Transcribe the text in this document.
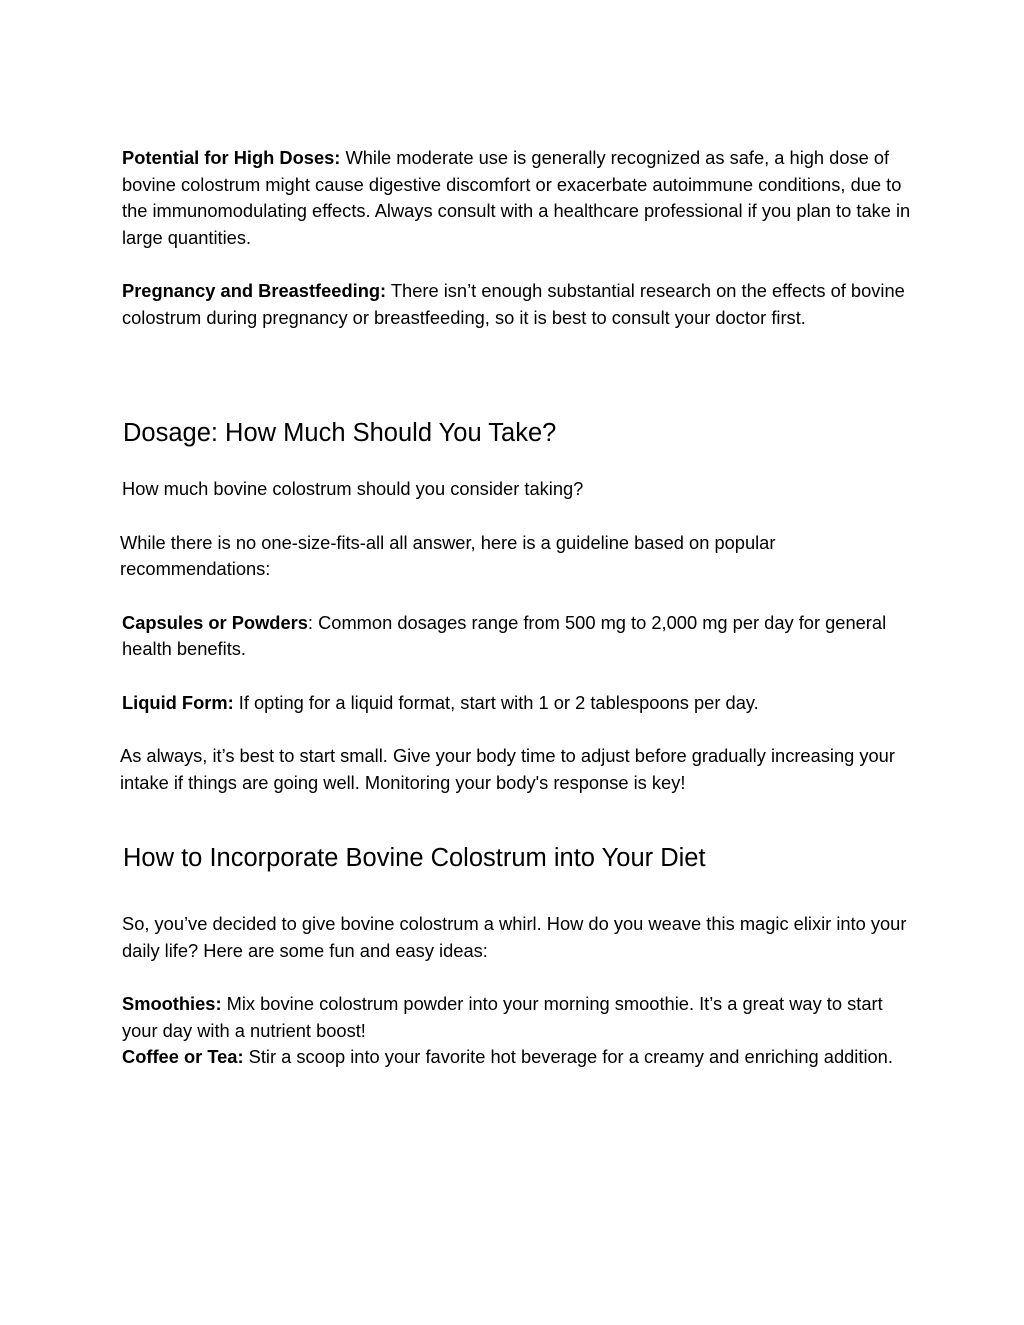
Potential for High Doses: While moderate use is generally recognized as safe, a high dose of bovine colostrum might cause digestive discomfort or exacerbate autoimmune conditions, due to the immunomodulating effects. Always consult with a healthcare professional if you plan to take in large quantities.

Pregnancy and Breastfeeding: There isn’t enough substantial research on the effects of bovine colostrum during pregnancy or breastfeeding, so it is best to consult your doctor first.

Dosage: How Much Should You Take?

How much bovine colostrum should you consider taking?

While there is no one-size-fits-all all answer, here is a guideline based on popular recommendations:

Capsules or Powders: Common dosages range from 500 mg to 2,000 mg per day for general health benefits.

Liquid Form: If opting for a liquid format, start with 1 or 2 tablespoons per day.

As always, it’s best to start small. Give your body time to adjust before gradually increasing your intake if things are going well. Monitoring your body's response is key!

How to Incorporate Bovine Colostrum into Your Diet

So, you’ve decided to give bovine colostrum a whirl. How do you weave this magic elixir into your daily life? Here are some fun and easy ideas:

Smoothies: Mix bovine colostrum powder into your morning smoothie. It’s a great way to start your day with a nutrient boost!

Coffee or Tea: Stir a scoop into your favorite hot beverage for a creamy and enriching addition.
